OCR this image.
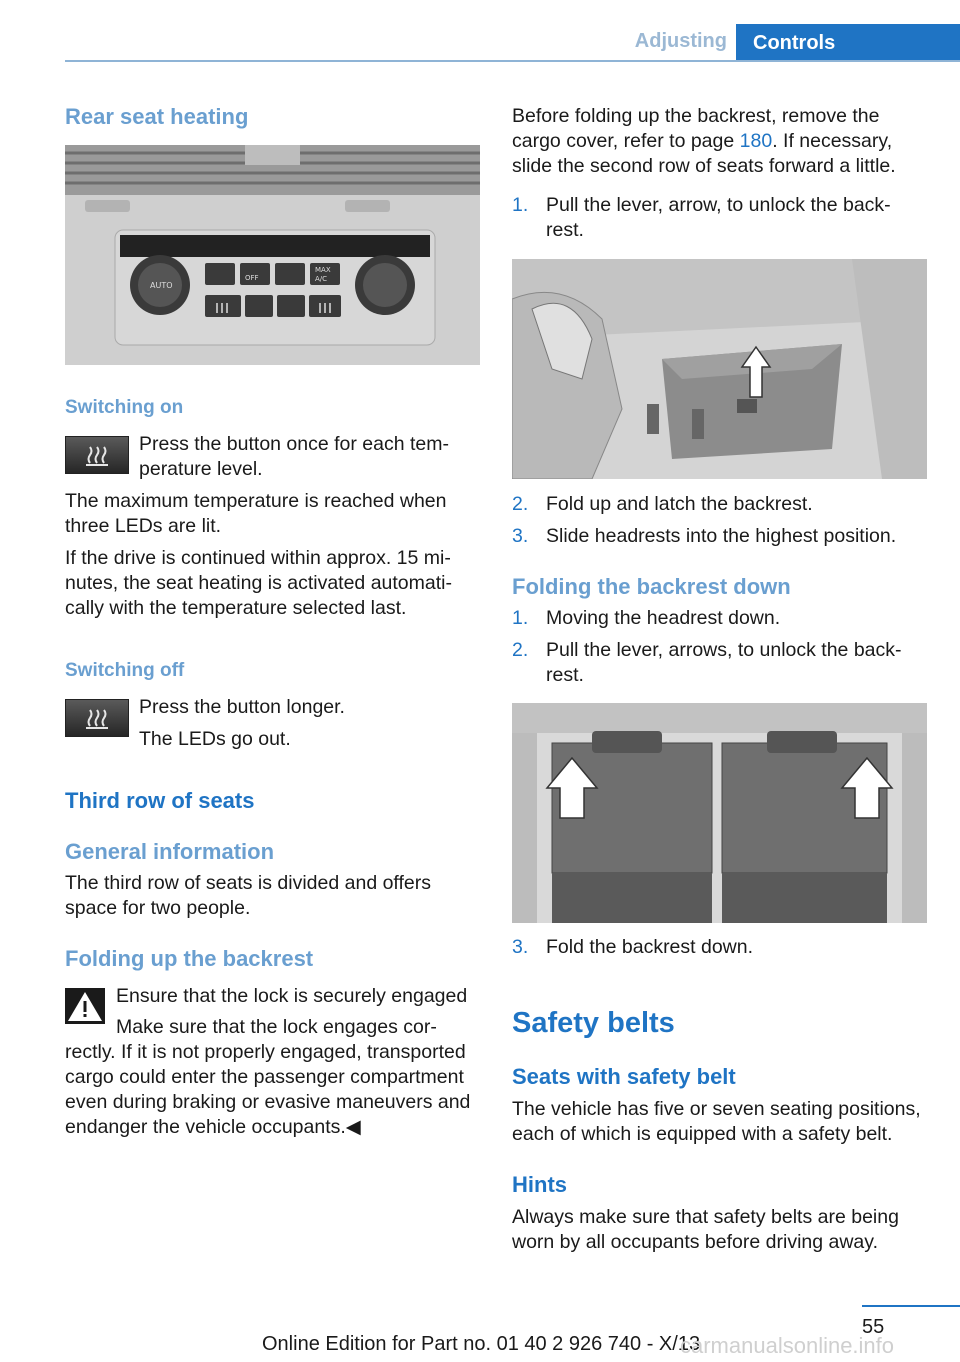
Adjusting	Controls
Rear seat heating
AUTO
OFF
MAX
A/C
Switching on
Press the button once for each tem-
perature level.
The maximum temperature is reached when
three LEDs are lit.
If the drive is continued within approx. 15 mi-
nutes, the seat heating is activated automati-
cally with the temperature selected last.
Switching off
Press the button longer.
The LEDs go out.
Third row of seats
General information
The third row of seats is divided and offers
space for two people.
Folding up the backrest
Ensure that the lock is securely engaged
Make sure that the lock engages cor-
rectly. If it is not properly engaged, transported
cargo could enter the passenger compartment
even during braking or evasive maneuvers and
endanger the vehicle occupants.◀
Before folding up the backrest, remove the
cargo cover, refer to page 180. If necessary,
slide the second row of seats forward a little.
1. Pull the lever, arrow, to unlock the back-
rest.
2. Fold up and latch the backrest.
3. Slide headrests into the highest position.
Folding the backrest down
1. Moving the headrest down.
2. Pull the lever, arrows, to unlock the back-
rest.
3. Fold the backrest down.
Safety belts
Seats with safety belt
The vehicle has five or seven seating positions,
each of which is equipped with a safety belt.
Hints
Always make sure that safety belts are being
worn by all occupants before driving away.
55
Online Edition for Part no. 01 40 2 926 740 - X/13
carmanualsonline.info
